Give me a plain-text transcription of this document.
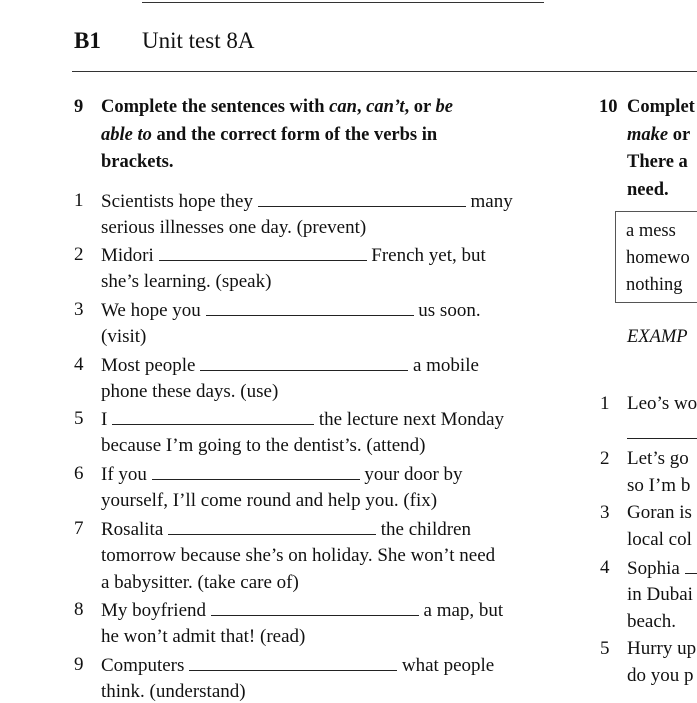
B1 Unit test 8A
9 Complete the sentences with can, can’t, or be
able to and the correct form of the verbs in
brackets.
1 Scientists hope they	many
serious illnesses one day. (prevent)
2 Midori	French yet, but
she’s learning. (speak)
3 We hope you	us soon.
(visit)
4 Most people	a mobile
phone these days. (use)
5 I	the lecture next Monday
because I’m going to the dentist’s. (attend)
6 If you	your door by
yourself, I’ll come round and help you. (fix)
7 Rosalita	the children
tomorrow because she’s on holiday. She won’t need
a babysitter. (take care of)
8 My boyfriend	a map, but
he won’t admit that! (read)
9 Computers	what people
think. (understand)
10 Complet
make or
There a
need.
a mess
homewo
nothing
EXAMP
1 Leo’s wo
2 Let’s go
so I’m b
3 Goran is
local col
4 Sophia
in Dubai
beach.
5 Hurry up
do you p
